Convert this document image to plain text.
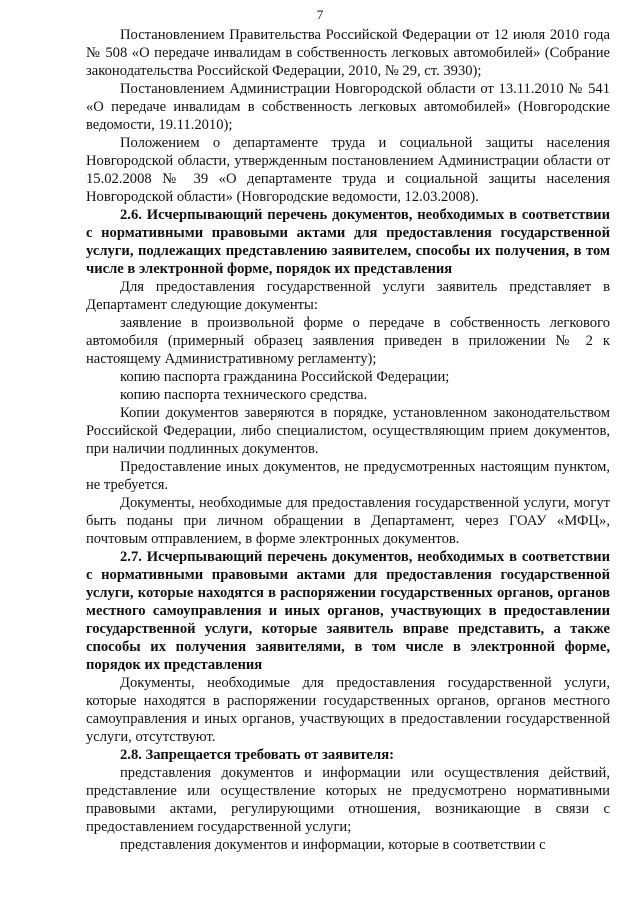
7

Постановлением Правительства Российской Федерации от 12 июля 2010 года № 508 «О передаче инвалидам в собственность легковых автомобилей» (Собрание законодательства Российской Федерации, 2010, № 29, ст. 3930);

Постановлением Администрации Новгородской области от 13.11.2010 № 541 «О передаче инвалидам в собственность легковых автомобилей» (Новгородские ведомости, 19.11.2010);

Положением о департаменте труда и социальной защиты населения Новгородской области, утвержденным постановлением Администрации области от 15.02.2008 № 39 «О департаменте труда и социальной защиты населения Новгородской области» (Новгородские ведомости, 12.03.2008).

2.6. Исчерпывающий перечень документов, необходимых в соответствии с нормативными правовыми актами для предоставления государственной услуги, подлежащих представлению заявителем, способы их получения, в том числе в электронной форме, порядок их представления

Для предоставления государственной услуги заявитель представляет в Департамент следующие документы:

заявление в произвольной форме о передаче в собственность легкового автомобиля (примерный образец заявления приведен в приложении № 2 к настоящему Административному регламенту);

копию паспорта гражданина Российской Федерации;

копию паспорта технического средства.

Копии документов заверяются в порядке, установленном законодательством Российской Федерации, либо специалистом, осуществляющим прием документов, при наличии подлинных документов.

Предоставление иных документов, не предусмотренных настоящим пунктом, не требуется.

Документы, необходимые для предоставления государственной услуги, могут быть поданы при личном обращении в Департамент, через ГОАУ «МФЦ», почтовым отправлением, в форме электронных документов.

2.7. Исчерпывающий перечень документов, необходимых в соответствии с нормативными правовыми актами для предоставления государственной услуги, которые находятся в распоряжении государственных органов, органов местного самоуправления и иных органов, участвующих в предоставлении государственной услуги, которые заявитель вправе представить, а также способы их получения заявителями, в том числе в электронной форме, порядок их представления

Документы, необходимые для предоставления государственной услуги, которые находятся в распоряжении государственных органов, органов местного самоуправления и иных органов, участвующих в предоставлении государственной услуги, отсутствуют.

2.8. Запрещается требовать от заявителя:

представления документов и информации или осуществления действий, представление или осуществление которых не предусмотрено нормативными правовыми актами, регулирующими отношения, возникающие в связи с предоставлением государственной услуги;

представления документов и информации, которые в соответствии с
